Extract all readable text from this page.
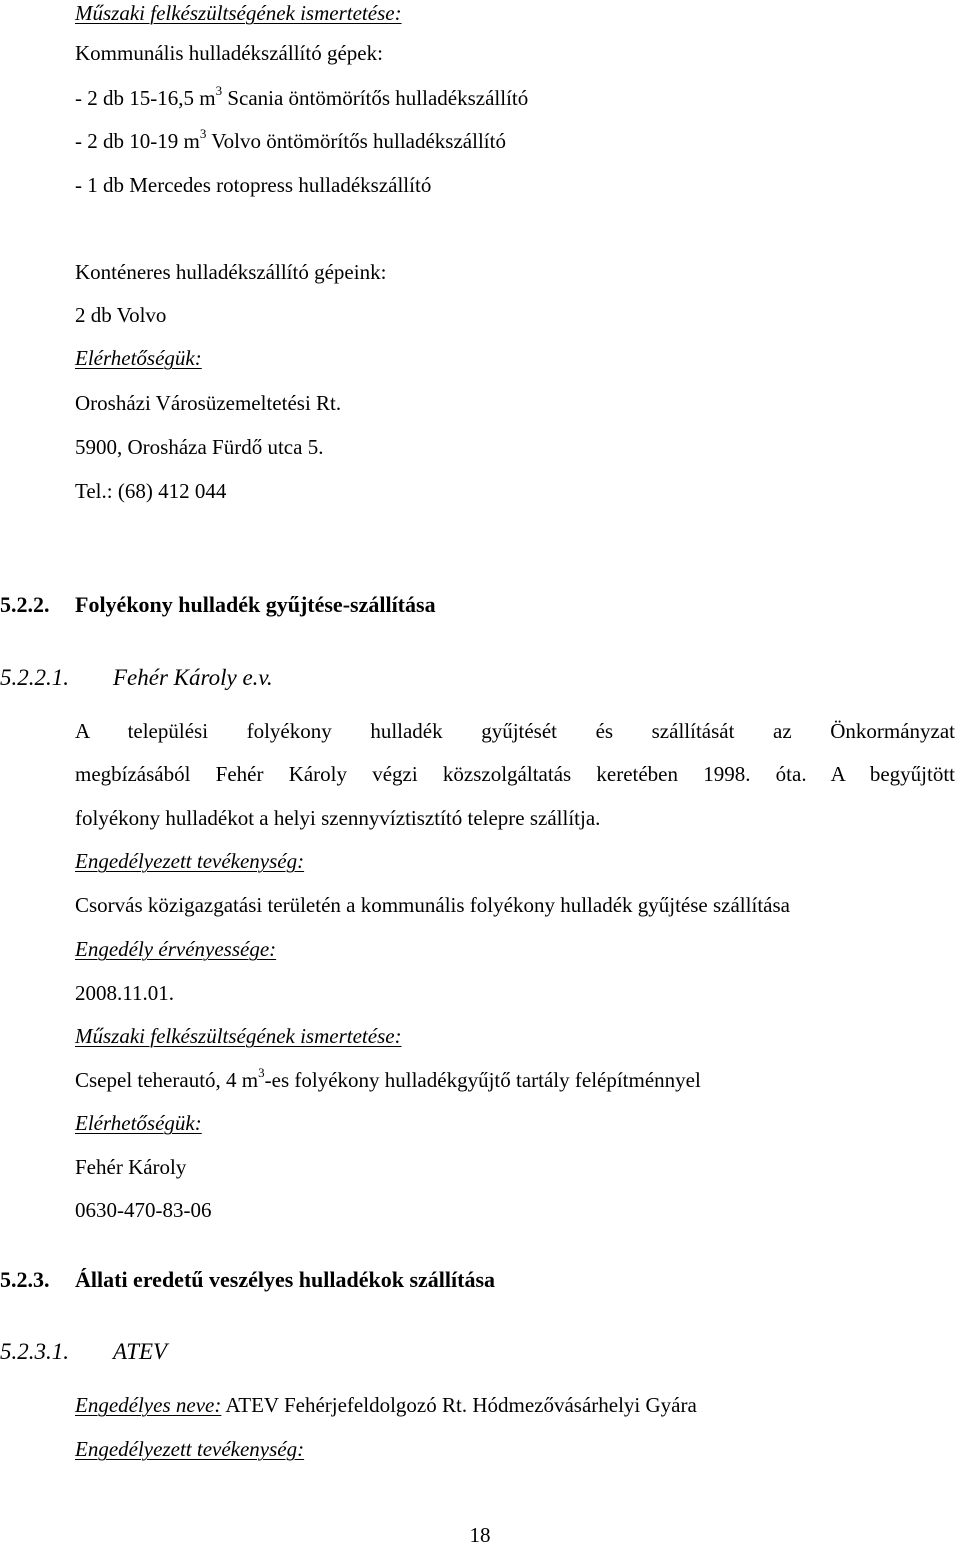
Műszaki felkészültségének ismertetése:
Kommunális hulladékszállító gépek:
- 2 db 15-16,5 $m^3$ Scania öntömörítős hulladékszállító
- 2 db 10-19 $m^3$ Volvo öntömörítős hulladékszállító
- 1 db Mercedes rotopress hulladékszállító
Konténeres hulladékszállító gépeink:
2 db Volvo
Elérhetőségük:
Orosházi Városüzemeltetési Rt.
5900, Orosháza Fürdő utca 5.
Tel.: (68) 412 044
5.2.2. Folyékony hulladék gyűjtése-szállítása
5.2.2.1. Fehér Károly e.v.
A települési folyékony hulladék gyűjtését és szállítását az Önkormányzat
megbízásából Fehér Károly végzi közszolgáltatás keretében 1998. óta. A begyűjtött
folyékony hulladékot a helyi szennyvíztisztító telepre szállítja.
Engedélyezett tevékenység:
Csorvás közigazgatási területén a kommunális folyékony hulladék gyűjtése szállítása
Engedély érvényessége:
2008.11.01.
Műszaki felkészültségének ismertetése:
Csepel teherautó, 4 $m^3-es$ folyékony hulladékgyűjtő tartály felépítménnyel
Elérhetőségük:
Fehér Károly
0630-470-83-06
5.2.3. Állati eredetű veszélyes hulladékok szállítása
5.2.3.1. ATEV
Engedélyes neve: ATEV Fehérjefeldolgozó Rt. Hódmezővásárhelyi Gyára
Engedélyezett tevékenység:
18
